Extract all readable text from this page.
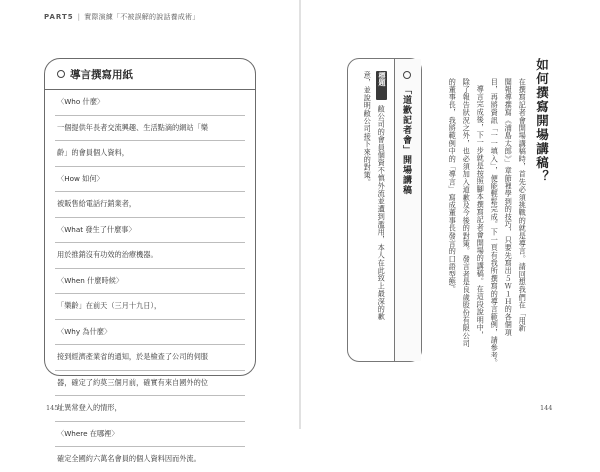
PART5 | 實際演練「不被誤解的說話養成術」
導言撰寫用紙
〈Who 什麼〉
一個提供年長者交流興趣、生活點滴的網站「樂
齡」的會員個人資料，
〈How 如何〉
被販售給電話行銷業者，
〈What 發生了什麼事〉
用於推銷沒有功效的治療機器。
〈When 什麼時候〉
「樂齡」在前天（三月十九日），
〈Why 為什麼〉
接到經濟產業省的通知，於是檢查了公司的伺服
器，確定了約莫三個月前，確實有來自國外的位
址異常登入的情形，
〈Where 在哪裡〉
確定全國約六萬名會員的個人資料因而外流。
145
如何撰寫開場講稿？
在撰寫記者會開場講稿時，首先必須挑戰的就是導言。請回想我們在「用新
聞報導撰寫《浦島太郎》」章節裡學到的技巧，只要先寫出５Ｗ１Ｈ的各個項
目，再將資訊「一一填入」，便能輕鬆完成。下一頁有我所撰寫的導言範例，請參考。
導言完成後，下一步就是按照腳本撰寫記者會開場的講稿。在這段說明中，
除了報告狀況之外，也必須加入道歉及今後的對策。發言者是良歲股份有限公司
的董事長，我將範例中的「導言」寫成董事長發言的口語型態。
「道歉記者會」開場講稿
標題
敝公司的會員個資不慎外流並遭到濫用，本人在此致上最深的歉
意，並說明敝公司接下來的對策。
144
